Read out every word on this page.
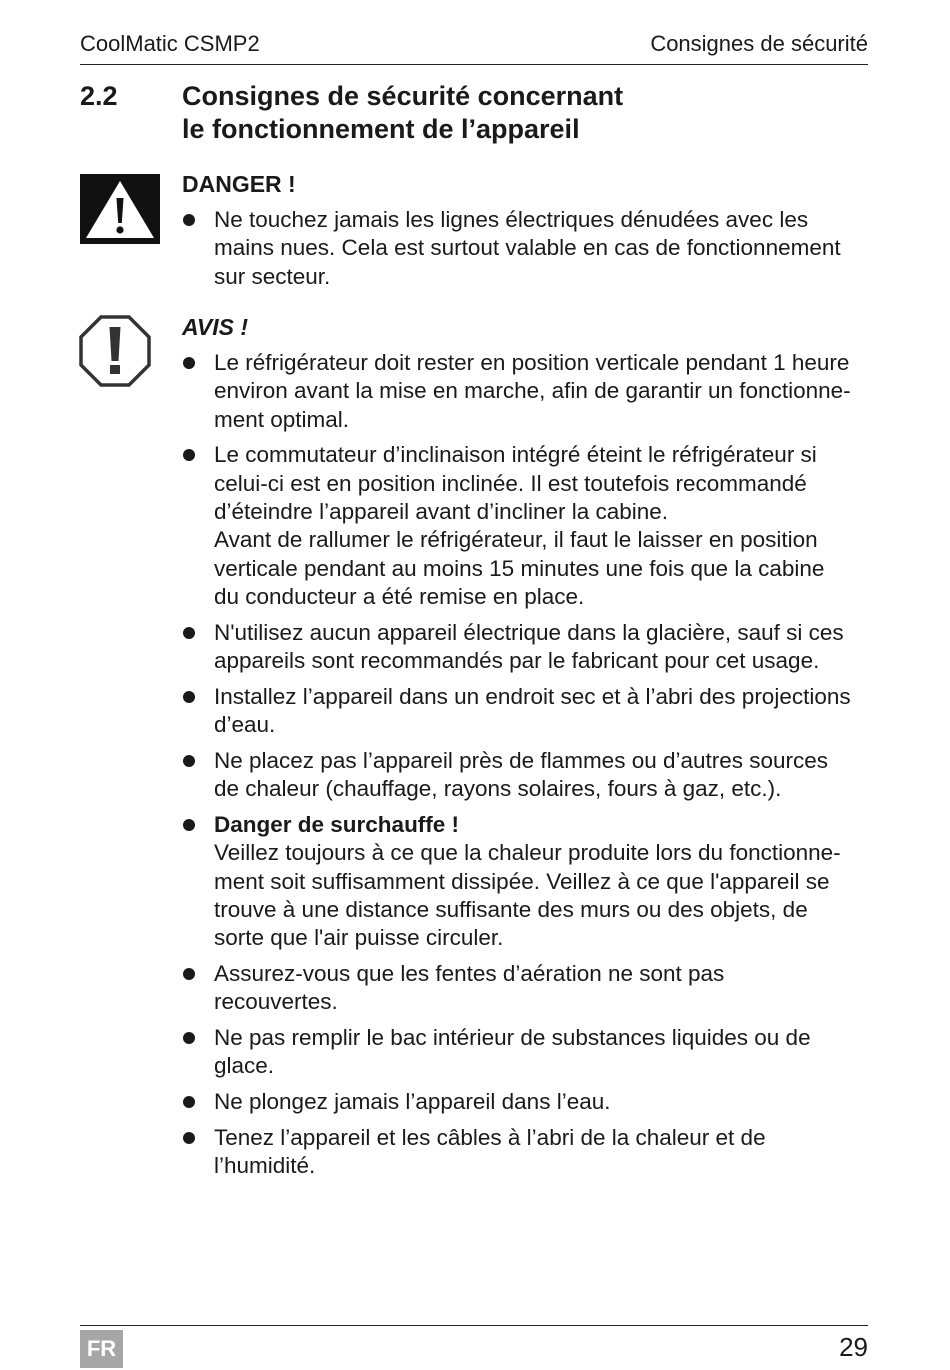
CoolMatic CSMP2	Consignes de sécurité
2.2 Consignes de sécurité concernant
le fonctionnement de l’appareil
DANGER !
Ne touchez jamais les lignes électriques dénudées avec les
mains nues. Cela est surtout valable en cas de fonctionnement
sur secteur.
AVIS !
Le réfrigérateur doit rester en position verticale pendant 1 heure
environ avant la mise en marche, afin de garantir un fonctionne-
ment optimal.
Le commutateur d’inclinaison intégré éteint le réfrigérateur si
celui-ci est en position inclinée. Il est toutefois recommandé
d’éteindre l’appareil avant d’incliner la cabine.
Avant de rallumer le réfrigérateur, il faut le laisser en position
verticale pendant au moins 15 minutes une fois que la cabine
du conducteur a été remise en place.
N'utilisez aucun appareil électrique dans la glacière, sauf si ces
appareils sont recommandés par le fabricant pour cet usage.
Installez l’appareil dans un endroit sec et à l’abri des projections
d’eau.
Ne placez pas l’appareil près de flammes ou d’autres sources
de chaleur (chauffage, rayons solaires, fours à gaz, etc.).
Danger de surchauffe !
Veillez toujours à ce que la chaleur produite lors du fonctionne-
ment soit suffisamment dissipée. Veillez à ce que l'appareil se
trouve à une distance suffisante des murs ou des objets, de
sorte que l'air puisse circuler.
Assurez-vous que les fentes d’aération ne sont pas
recouvertes.
Ne pas remplir le bac intérieur de substances liquides ou de
glace.
Ne plongez jamais l’appareil dans l’eau.
Tenez l’appareil et les câbles à l’abri de la chaleur et de
l’humidité.
FR	29
